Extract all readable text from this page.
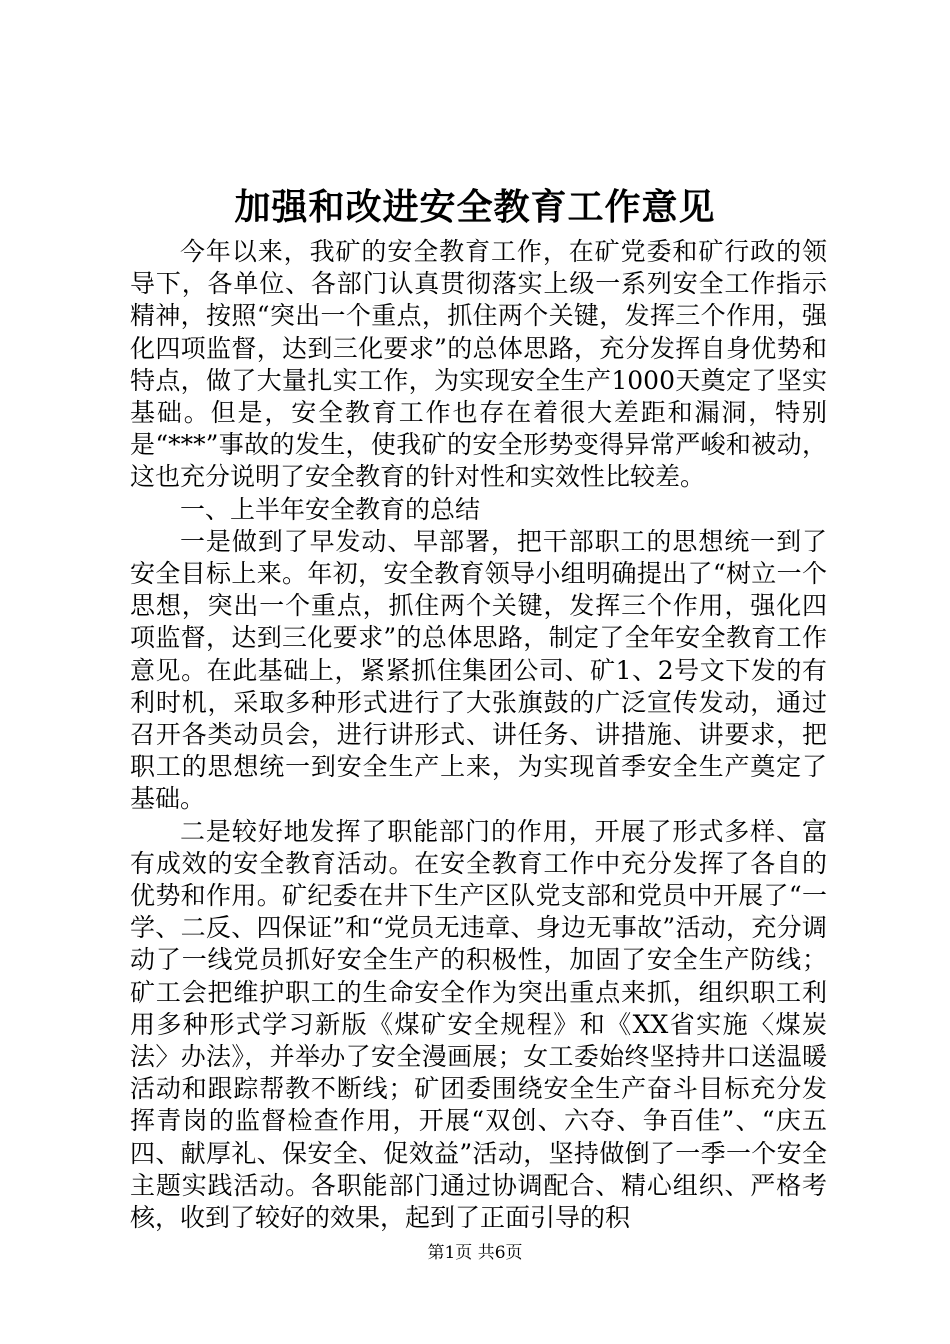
加强和改进安全教育工作意见

今年以来，我矿的安全教育工作，在矿党委和矿行政的领导下，各单位、各部门认真贯彻落实上级一系列安全工作指示精神，按照“突出一个重点，抓住两个关键，发挥三个作用，强化四项监督，达到三化要求”的总体思路，充分发挥自身优势和特点，做了大量扎实工作，为实现安全生产1000天奠定了坚实基础。但是，安全教育工作也存在着很大差距和漏洞，特别是“***”事故的发生，使我矿的安全形势变得异常严峻和被动，这也充分说明了安全教育的针对性和实效性比较差。

一、上半年安全教育的总结

一是做到了早发动、早部署，把干部职工的思想统一到了安全目标上来。年初，安全教育领导小组明确提出了“树立一个思想，突出一个重点，抓住两个关键，发挥三个作用，强化四项监督，达到三化要求”的总体思路，制定了全年安全教育工作意见。在此基础上，紧紧抓住集团公司、矿1、2号文下发的有利时机，采取多种形式进行了大张旗鼓的广泛宣传发动，通过召开各类动员会，进行讲形式、讲任务、讲措施、讲要求，把职工的思想统一到安全生产上来，为实现首季安全生产奠定了基础。

二是较好地发挥了职能部门的作用，开展了形式多样、富有成效的安全教育活动。在安全教育工作中充分发挥了各自的优势和作用。矿纪委在井下生产区队党支部和党员中开展了“一学、二反、四保证”和“党员无违章、身边无事故”活动，充分调动了一线党员抓好安全生产的积极性，加固了安全生产防线；矿工会把维护职工的生命安全作为突出重点来抓，组织职工利用多种形式学习新版《煤矿安全规程》和《XX省实施〈煤炭法〉办法》，并举办了安全漫画展；女工委始终坚持井口送温暖活动和跟踪帮教不断线；矿团委围绕安全生产奋斗目标充分发挥青岗的监督检查作用，开展“双创、六夺、争百佳”、“庆五四、献厚礼、保安全、促效益”活动，坚持做倒了一季一个安全主题实践活动。各职能部门通过协调配合、精心组织、严格考核，收到了较好的效果，起到了正面引导的积

第1页 共6页
